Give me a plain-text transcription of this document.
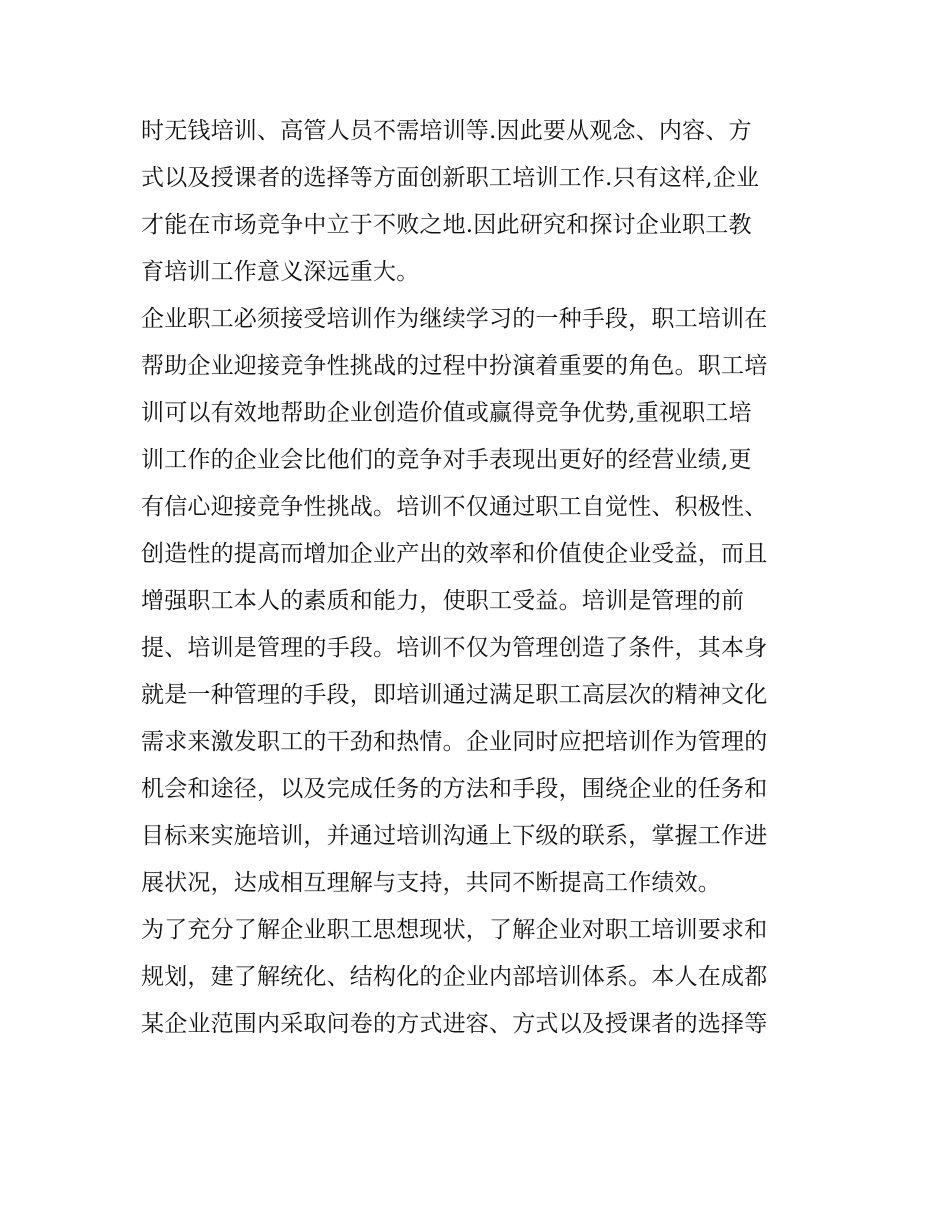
时无钱培训、高管人员不需培训等.因此要从观念、内容、方
式以及授课者的选择等方面创新职工培训工作.只有这样,企业
才能在市场竞争中立于不败之地.因此研究和探讨企业职工教
育培训工作意义深远重大。
企业职工必须接受培训作为继续学习的一种手段，职工培训在
帮助企业迎接竞争性挑战的过程中扮演着重要的角色。职工培
训可以有效地帮助企业创造价值或赢得竞争优势,重视职工培
训工作的企业会比他们的竞争对手表现出更好的经营业绩,更
有信心迎接竞争性挑战。培训不仅通过职工自觉性、积极性、
创造性的提高而增加企业产出的效率和价值使企业受益，而且
增强职工本人的素质和能力，使职工受益。培训是管理的前
提、培训是管理的手段。培训不仅为管理创造了条件，其本身
就是一种管理的手段，即培训通过满足职工高层次的精神文化
需求来激发职工的干劲和热情。企业同时应把培训作为管理的
机会和途径，以及完成任务的方法和手段，围绕企业的任务和
目标来实施培训，并通过培训沟通上下级的联系，掌握工作进
展状况，达成相互理解与支持，共同不断提高工作绩效。
为了充分了解企业职工思想现状，了解企业对职工培训要求和
规划，建了解统化、结构化的企业内部培训体系。本人在成都
某企业范围内采取问卷的方式进容、方式以及授课者的选择等
